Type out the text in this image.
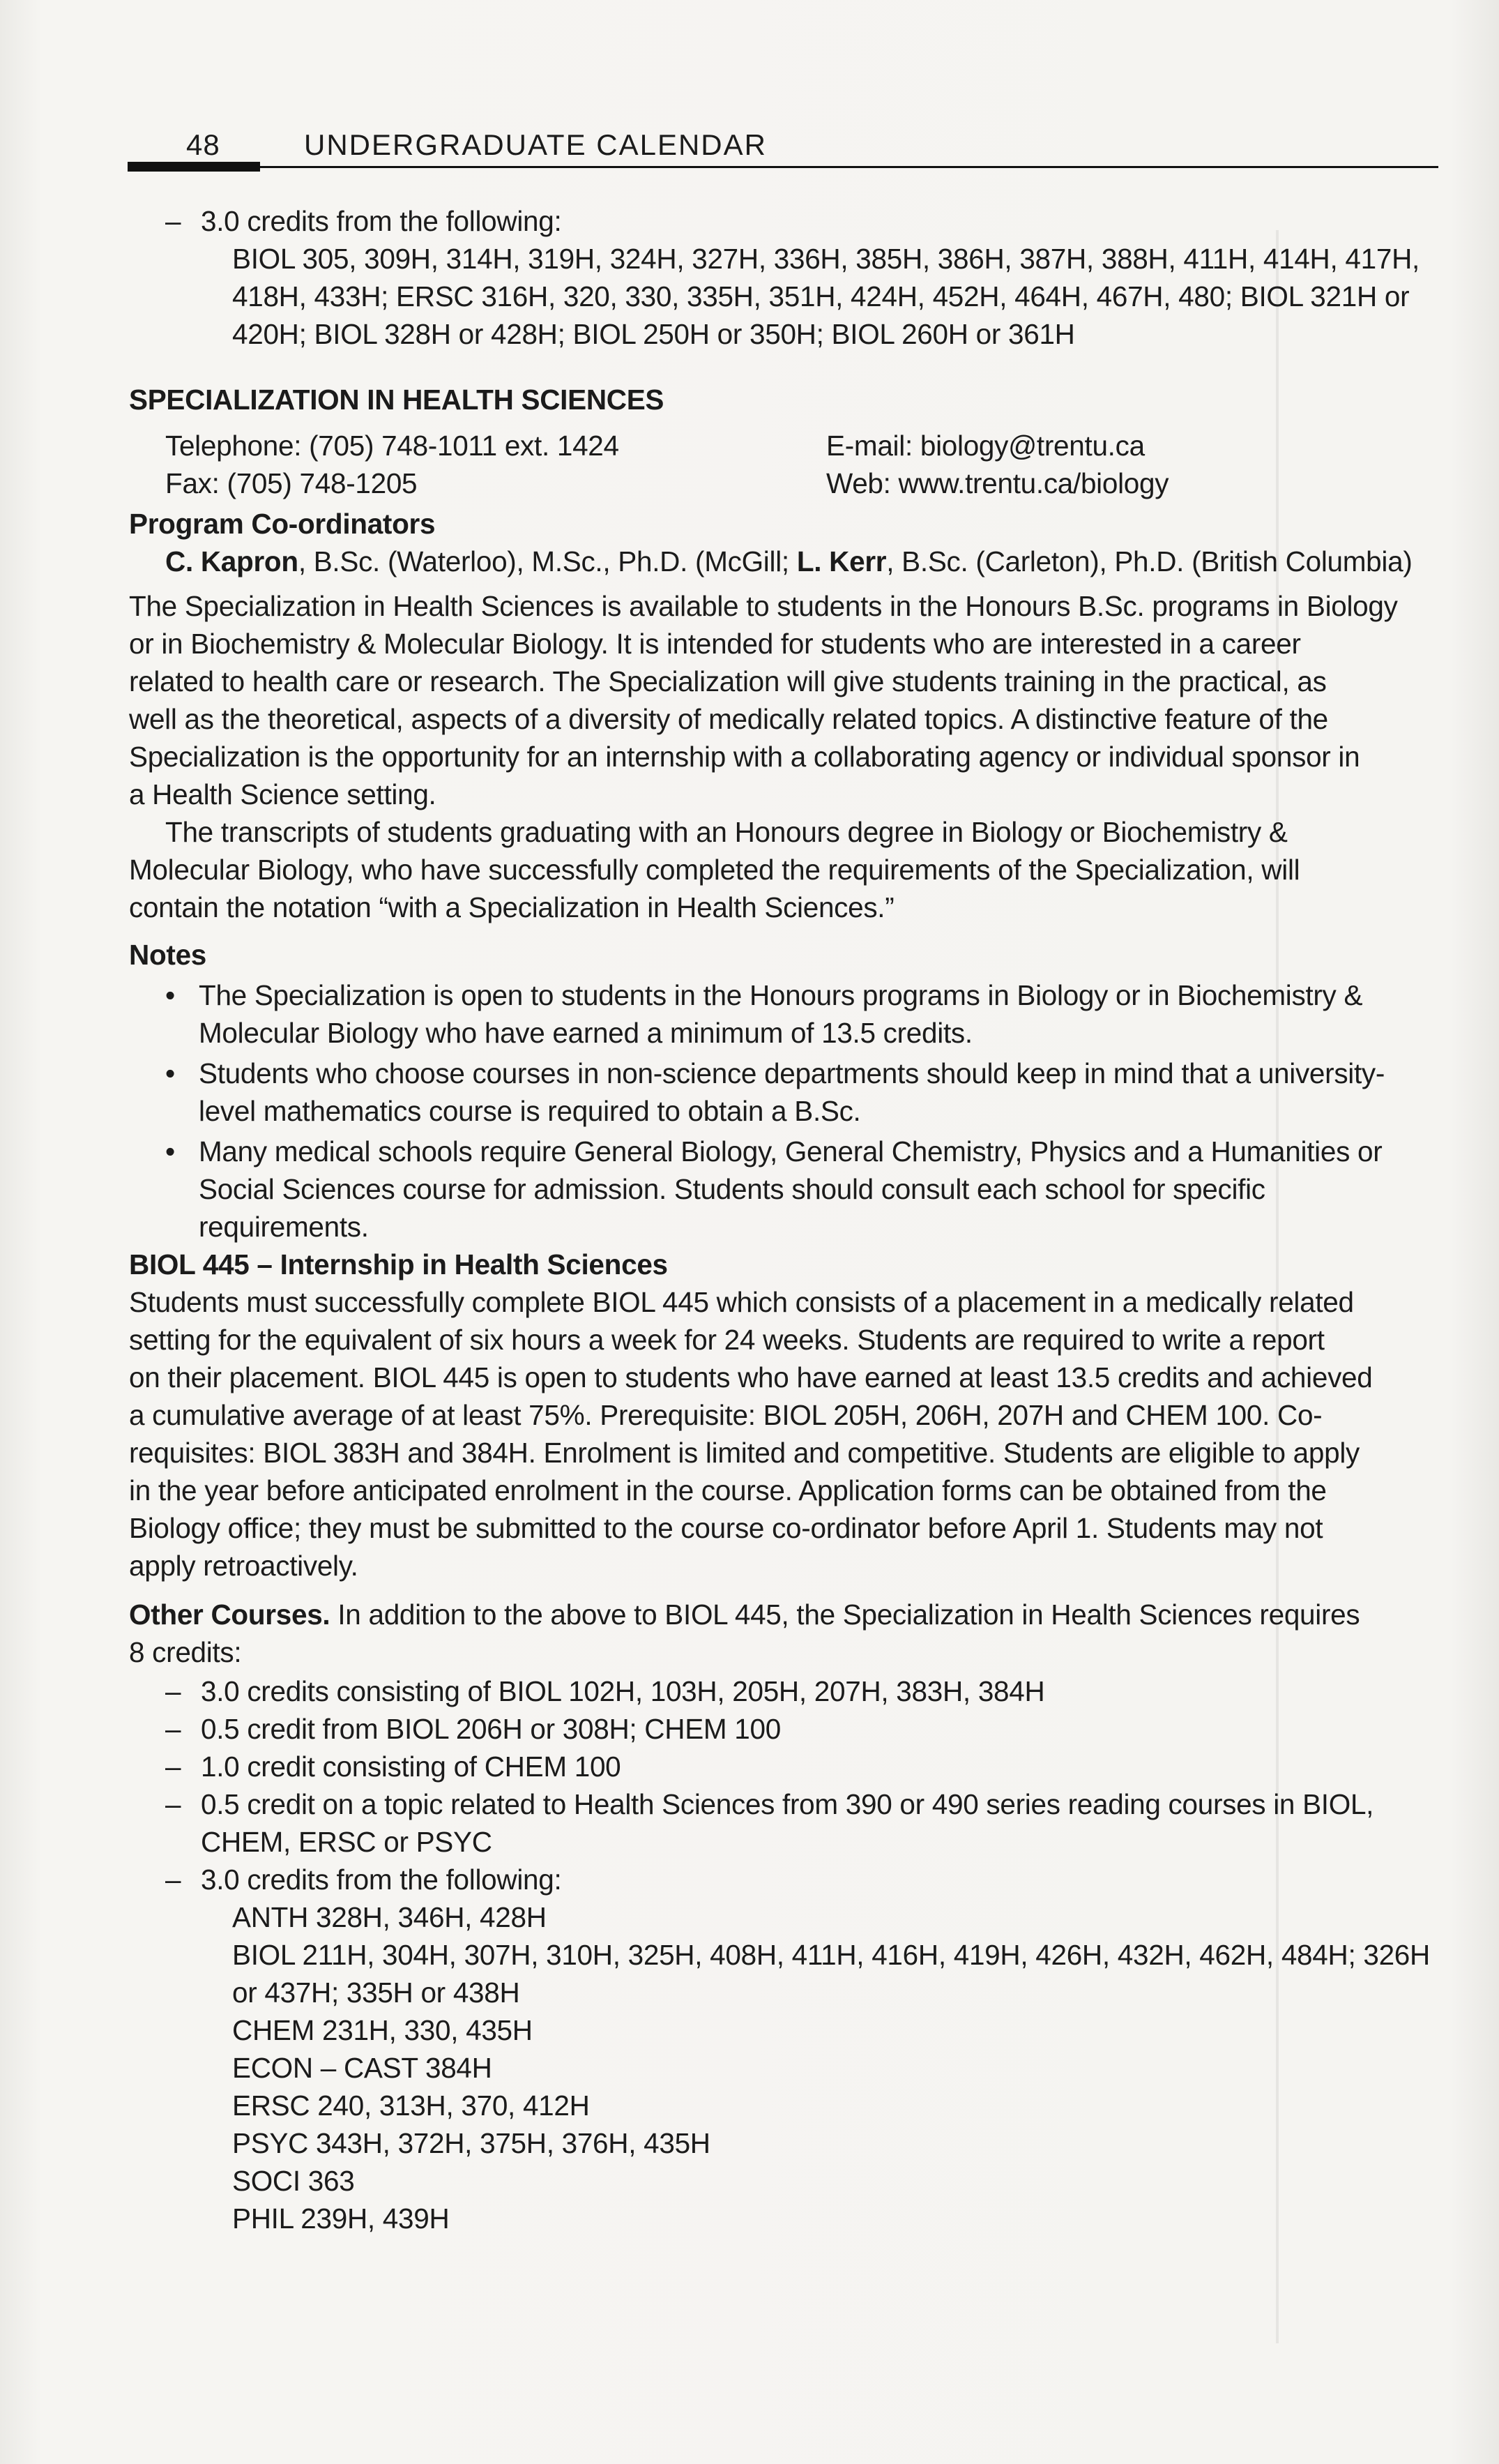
48	UNDERGRADUATE CALENDAR

– 3.0 credits from the following:

BIOL 305, 309H, 314H, 319H, 324H, 327H, 336H, 385H, 386H, 387H, 388H, 411H, 414H, 417H,

418H, 433H; ERSC 316H, 320, 330, 335H, 351H, 424H, 452H, 464H, 467H, 480; BIOL 321H or

420H; BIOL 328H or 428H; BIOL 250H or 350H; BIOL 260H or 361H

SPECIALIZATION IN HEALTH SCIENCES

Telephone: (705) 748-1011 ext. 1424

Fax: (705) 748-1205

E-mail: biology@trentu.ca

Web: www.trentu.ca/biology

Program Co-ordinators

C. Kapron, B.Sc. (Waterloo), M.Sc., Ph.D. (McGill; L. Kerr, B.Sc. (Carleton), Ph.D. (British Columbia)

The Specialization in Health Sciences is available to students in the Honours B.Sc. programs in Biology

or in Biochemistry & Molecular Biology. It is intended for students who are interested in a career

related to health care or research. The Specialization will give students training in the practical, as

well as the theoretical, aspects of a diversity of medically related topics. A distinctive feature of the

Specialization is the opportunity for an internship with a collaborating agency or individual sponsor in

a Health Science setting.

The transcripts of students graduating with an Honours degree in Biology or Biochemistry &

Molecular Biology, who have successfully completed the requirements of the Specialization, will

contain the notation “with a Specialization in Health Sciences.”

Notes

• The Specialization is open to students in the Honours programs in Biology or in Biochemistry &

Molecular Biology who have earned a minimum of 13.5 credits.

• Students who choose courses in non-science departments should keep in mind that a university-

level mathematics course is required to obtain a B.Sc.

• Many medical schools require General Biology, General Chemistry, Physics and a Humanities or

Social Sciences course for admission. Students should consult each school for specific

requirements.

BIOL 445 – Internship in Health Sciences

Students must successfully complete BIOL 445 which consists of a placement in a medically related

setting for the equivalent of six hours a week for 24 weeks. Students are required to write a report

on their placement. BIOL 445 is open to students who have earned at least 13.5 credits and achieved

a cumulative average of at least 75%. Prerequisite: BIOL 205H, 206H, 207H and CHEM 100. Co-

requisites: BIOL 383H and 384H. Enrolment is limited and competitive. Students are eligible to apply

in the year before anticipated enrolment in the course. Application forms can be obtained from the

Biology office; they must be submitted to the course co-ordinator before April 1. Students may not

apply retroactively.

Other Courses. In addition to the above to BIOL 445, the Specialization in Health Sciences requires

8 credits:

– 3.0 credits consisting of BIOL 102H, 103H, 205H, 207H, 383H, 384H

– 0.5 credit from BIOL 206H or 308H; CHEM 100

– 1.0 credit consisting of CHEM 100

– 0.5 credit on a topic related to Health Sciences from 390 or 490 series reading courses in BIOL,

CHEM, ERSC or PSYC

– 3.0 credits from the following:

ANTH 328H, 346H, 428H

BIOL 211H, 304H, 307H, 310H, 325H, 408H, 411H, 416H, 419H, 426H, 432H, 462H, 484H; 326H

or 437H; 335H or 438H

CHEM 231H, 330, 435H

ECON – CAST 384H

ERSC 240, 313H, 370, 412H

PSYC 343H, 372H, 375H, 376H, 435H

SOCI 363

PHIL 239H, 439H
